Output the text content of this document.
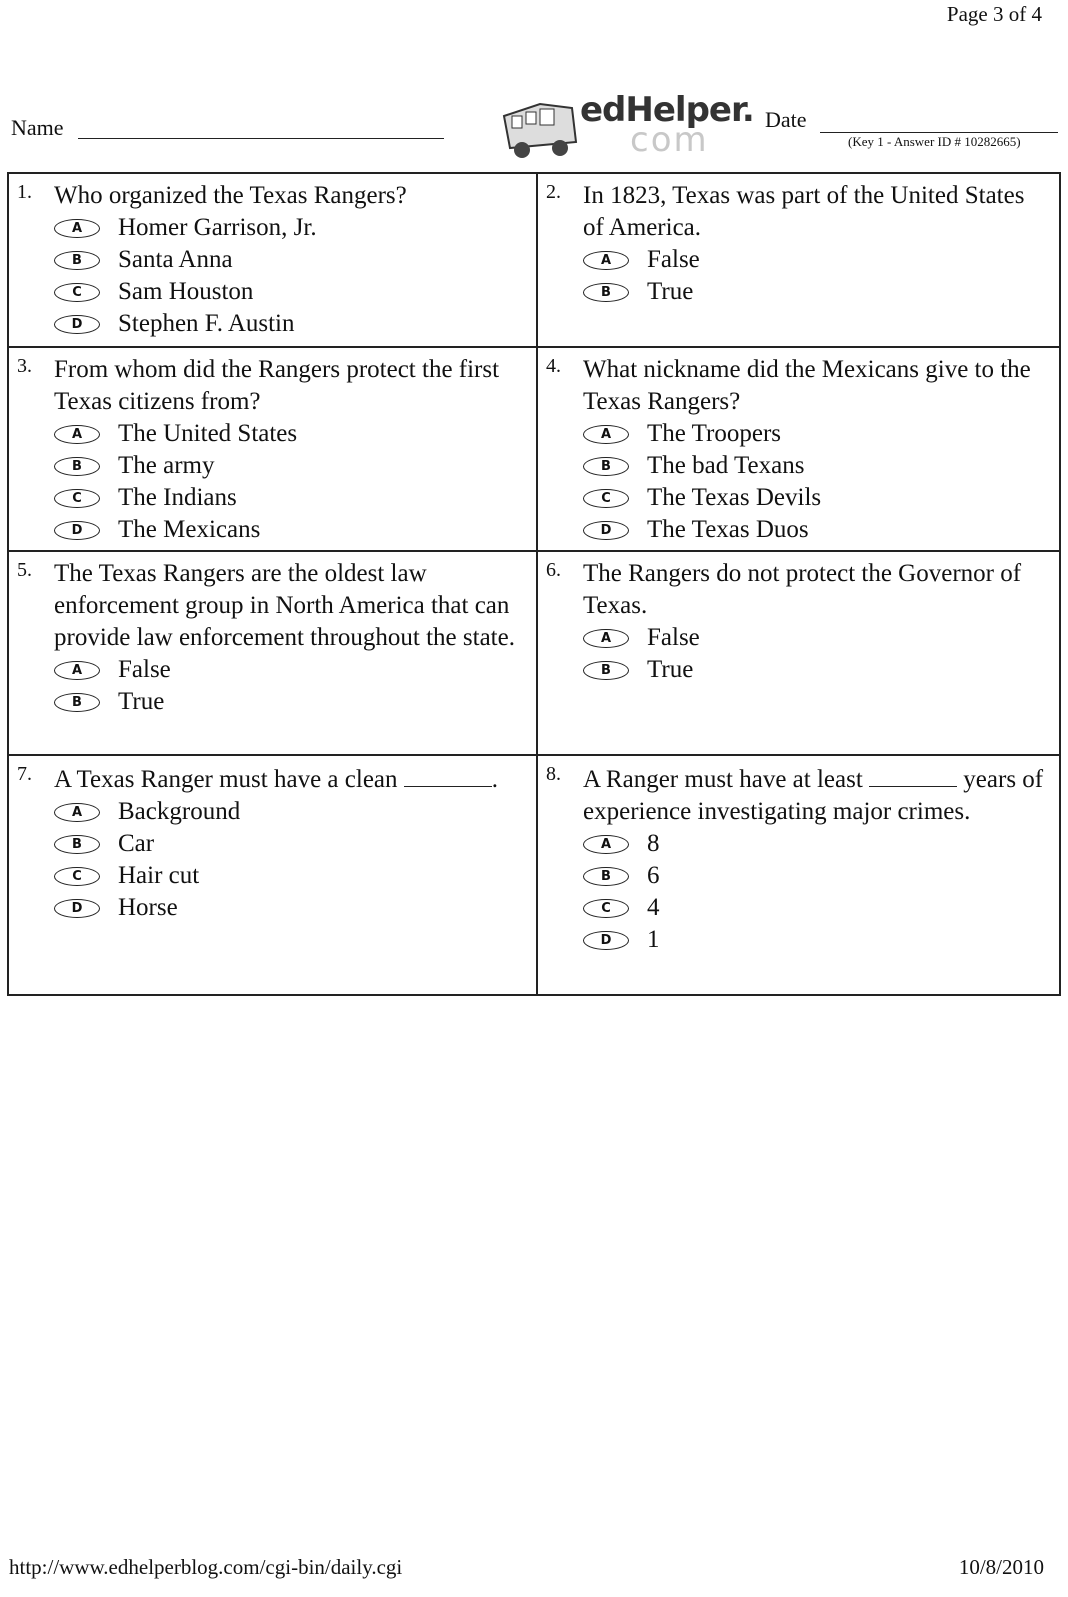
Page 3 of 4
Name	edHelper.
com
Date
(Key 1 - Answer ID # 10282665)
1. Who organized the Texas Rangers?

A	Homer Garrison, Jr.
B	Santa Anna
C	Sam Houston
D	Stephen F. Austin
2. In 1823, Texas was part of the United States of America.

A	False
B	True
3. From whom did the Rangers protect the first Texas citizens from?

A	The United States
B	The army
C	The Indians
D	The Mexicans
4. What nickname did the Mexicans give to the Texas Rangers?

A	The Troopers
B	The bad Texans
C	The Texas Devils
D	The Texas Duos
5. The Texas Rangers are the oldest law enforcement group in North America that can provide law enforcement throughout the state.

A	False
B	True
6. The Rangers do not protect the Governor of Texas.

A	False
B	True
7. A Texas Ranger must have a clean	.

A	Background
B	Car
C	Hair cut
D	Horse
8. A Ranger must have at least	years of experience investigating major crimes.

A	8
B	6
C	4
D	1
http://www.edhelperblog.com/cgi-bin/daily.cgi	10/8/2010
